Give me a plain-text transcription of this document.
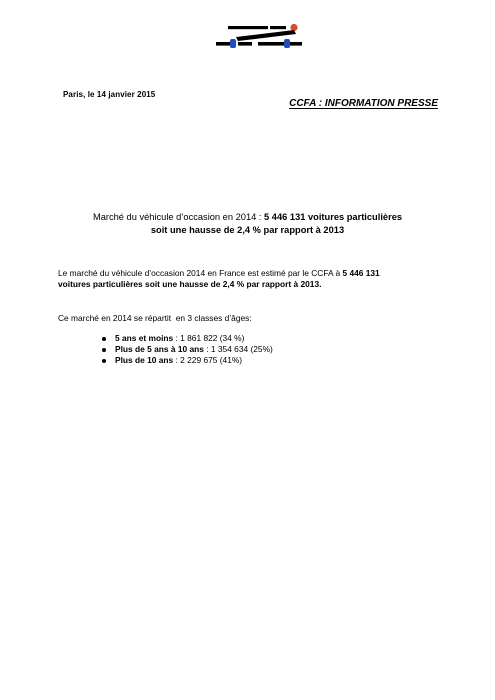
Paris, le 14 janvier 2015
CCFA : INFORMATION PRESSE
Marché du véhicule d’occasion en 2014 : 5 446 131 voitures particulières
soit une hausse de 2,4 % par rapport à 2013
Le marché du véhicule d’occasion 2014 en France est estimé par le CCFA à 5 446 131
voitures particulières soit une hausse de 2,4 % par rapport à 2013.
Ce marché en 2014 se répartit  en 3 classes d’âges:
5 ans et moins : 1 861 822 (34 %)
Plus de 5 ans à 10 ans : 1 354 634 (25%)
Plus de 10 ans : 2 229 675 (41%)
